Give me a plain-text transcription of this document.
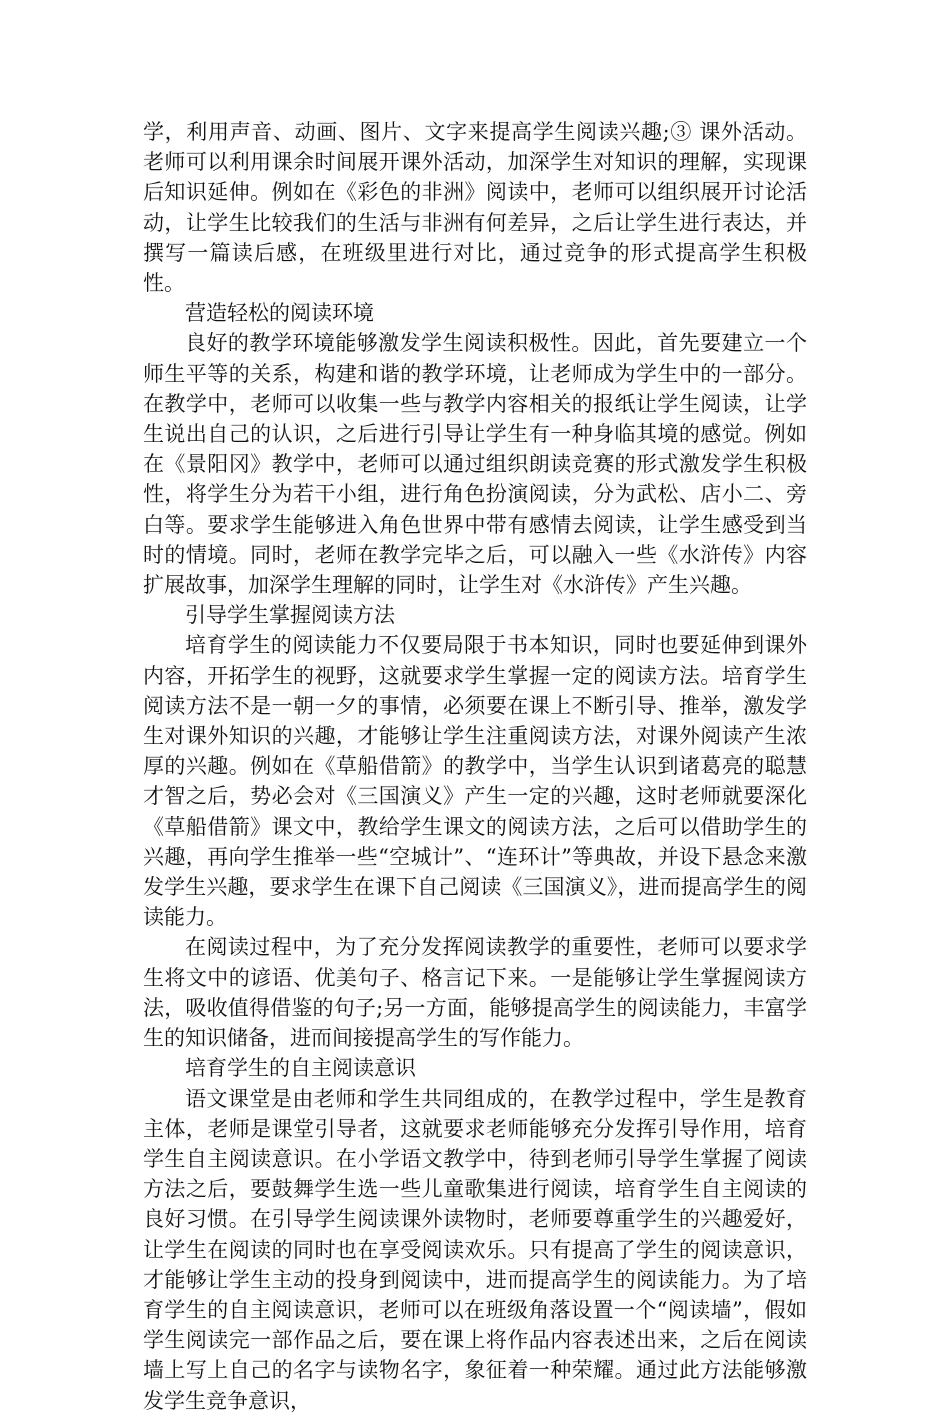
学，利用声音、动画、图片、文字来提高学生阅读兴趣;③ 课外活动。老师可以利用课余时间展开课外活动，加深学生对知识的理解，实现课后知识延伸。例如在《彩色的非洲》阅读中，老师可以组织展开讨论活动，让学生比较我们的生活与非洲有何差异，之后让学生进行表达，并撰写一篇读后感，在班级里进行对比，通过竞争的形式提高学生积极性。

营造轻松的阅读环境

良好的教学环境能够激发学生阅读积极性。因此，首先要建立一个师生平等的关系，构建和谐的教学环境，让老师成为学生中的一部分。在教学中，老师可以收集一些与教学内容相关的报纸让学生阅读，让学生说出自己的认识，之后进行引导让学生有一种身临其境的感觉。例如在《景阳冈》教学中，老师可以通过组织朗读竞赛的形式激发学生积极性，将学生分为若干小组，进行角色扮演阅读，分为武松、店小二、旁白等。要求学生能够进入角色世界中带有感情去阅读，让学生感受到当时的情境。同时，老师在教学完毕之后，可以融入一些《水浒传》内容扩展故事，加深学生理解的同时，让学生对《水浒传》产生兴趣。

引导学生掌握阅读方法

培育学生的阅读能力不仅要局限于书本知识，同时也要延伸到课外内容，开拓学生的视野，这就要求学生掌握一定的阅读方法。培育学生阅读方法不是一朝一夕的事情，必须要在课上不断引导、推举，激发学生对课外知识的兴趣，才能够让学生注重阅读方法，对课外阅读产生浓厚的兴趣。例如在《草船借箭》的教学中，当学生认识到诸葛亮的聪慧才智之后，势必会对《三国演义》产生一定的兴趣，这时老师就要深化《草船借箭》课文中，教给学生课文的阅读方法，之后可以借助学生的兴趣，再向学生推举一些“空城计”、“连环计”等典故，并设下悬念来激发学生兴趣，要求学生在课下自己阅读《三国演义》，进而提高学生的阅读能力。

在阅读过程中，为了充分发挥阅读教学的重要性，老师可以要求学生将文中的谚语、优美句子、格言记下来。一是能够让学生掌握阅读方法，吸收值得借鉴的句子;另一方面，能够提高学生的阅读能力，丰富学生的知识储备，进而间接提高学生的写作能力。

培育学生的自主阅读意识

语文课堂是由老师和学生共同组成的，在教学过程中，学生是教育主体，老师是课堂引导者，这就要求老师能够充分发挥引导作用，培育学生自主阅读意识。在小学语文教学中，待到老师引导学生掌握了阅读方法之后，要鼓舞学生选一些儿童歌集进行阅读，培育学生自主阅读的良好习惯。在引导学生阅读课外读物时，老师要尊重学生的兴趣爱好，让学生在阅读的同时也在享受阅读欢乐。只有提高了学生的阅读意识，才能够让学生主动的投身到阅读中，进而提高学生的阅读能力。为了培育学生的自主阅读意识，老师可以在班级角落设置一个“阅读墙”，假如学生阅读完一部作品之后，要在课上将作品内容表述出来，之后在阅读墙上写上自己的名字与读物名字，象征着一种荣耀。通过此方法能够激发学生竞争意识，
